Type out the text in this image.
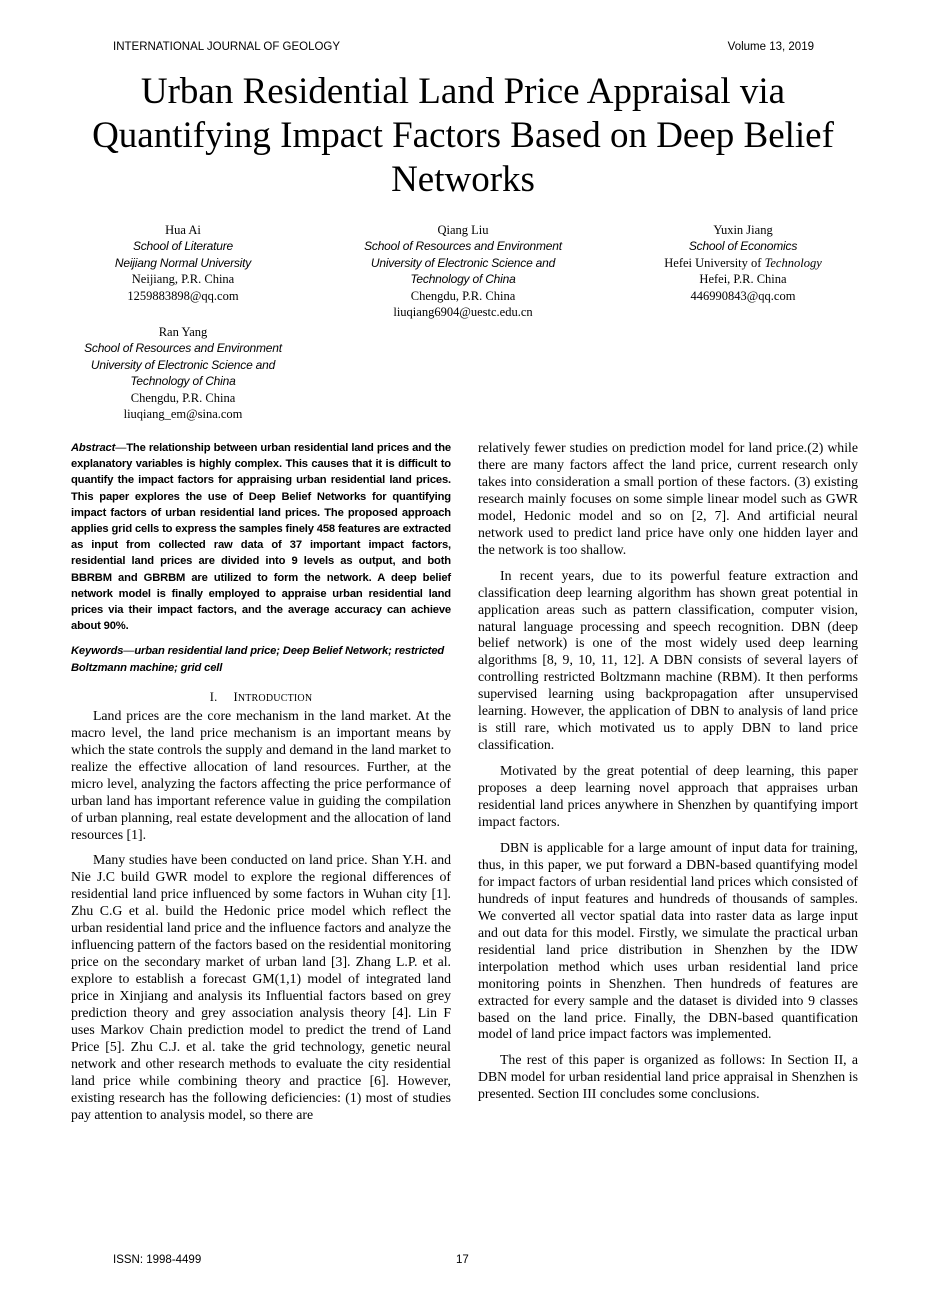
INTERNATIONAL JOURNAL OF GEOLOGY	Volume 13, 2019
Urban Residential Land Price Appraisal via
Quantifying Impact Factors Based on Deep Belief
Networks
Hua Ai
School of Literature
Neijiang Normal University
Neijiang, P.R. China
1259883898@qq.com
Qiang Liu
School of Resources and Environment
University of Electronic Science and
Technology of China
Chengdu, P.R. China
liuqiang6904@uestc.edu.cn
Yuxin Jiang
School of Economics
Hefei University of Technology
Hefei, P.R. China
446990843@qq.com
Ran Yang
School of Resources and Environment
University of Electronic Science and
Technology of China
Chengdu, P.R. China
liuqiang_em@sina.com

Abstract—The relationship between urban residential land prices and the explanatory variables is highly complex. This causes that it is difficult to quantify the impact factors for appraising urban residential land prices. This paper explores the use of Deep Belief Networks for quantifying impact factors of urban residential land prices. The proposed approach applies grid cells to express the samples finely 458 features are extracted as input from collected raw data of 37 important impact factors, residential land prices are divided into 9 levels as output, and both BBRBM and GBRBM are utilized to form the network. A deep belief network model is finally employed to appraise urban residential land prices via their impact factors, and the average accuracy can achieve about 90%.

Keywords—urban residential land price; Deep Belief Network; restricted Boltzmann machine; grid cell

I. INTRODUCTION

Land prices are the core mechanism in the land market. At the macro level, the land price mechanism is an important means by which the state controls the supply and demand in the land market to realize the effective allocation of land resources. Further, at the micro level, analyzing the factors affecting the price performance of urban land has important reference value in guiding the compilation of urban planning, real estate development and the allocation of land resources [1].

Many studies have been conducted on land price. Shan Y.H. and Nie J.C build GWR model to explore the regional differences of residential land price influenced by some factors in Wuhan city [1]. Zhu C.G et al. build the Hedonic price model which reflect the urban residential land price and the influence factors and analyze the influencing pattern of the factors based on the residential monitoring price on the secondary market of urban land [3]. Zhang L.P. et al. explore to establish a forecast GM(1,1) model of integrated land price in Xinjiang and analysis its Influential factors based on grey prediction theory and grey association analysis theory [4]. Lin F uses Markov Chain prediction model to predict the trend of Land Price [5]. Zhu C.J. et al. take the grid technology, genetic neural network and other research methods to evaluate the city residential land price while combining theory and practice [6]. However, existing research has the following deficiencies: (1) most of studies pay attention to analysis model, so there are

relatively fewer studies on prediction model for land price.(2) while there are many factors affect the land price, current research only takes into consideration a small portion of these factors. (3) existing research mainly focuses on some simple linear model such as GWR model, Hedonic model and so on [2, 7]. And artificial neural network used to predict land price have only one hidden layer and the network is too shallow.

In recent years, due to its powerful feature extraction and classification deep learning algorithm has shown great potential in application areas such as pattern classification, computer vision, natural language processing and speech recognition. DBN (deep belief network) is one of the most widely used deep learning algorithms [8, 9, 10, 11, 12]. A DBN consists of several layers of controlling restricted Boltzmann machine (RBM). It then performs supervised learning using backpropagation after unsupervised learning. However, the application of DBN to analysis of land price is still rare, which motivated us to apply DBN to land price classification.

Motivated by the great potential of deep learning, this paper proposes a deep learning novel approach that appraises urban residential land prices anywhere in Shenzhen by quantifying import impact factors.

DBN is applicable for a large amount of input data for training, thus, in this paper, we put forward a DBN-based quantifying model for impact factors of urban residential land prices which consisted of hundreds of input features and hundreds of thousands of samples. We converted all vector spatial data into raster data as large input and out data for this model. Firstly, we simulate the practical urban residential land price distribution in Shenzhen by the IDW interpolation method which uses urban residential land price monitoring points in Shenzhen. Then hundreds of features are extracted for every sample and the dataset is divided into 9 classes based on the land price. Finally, the DBN-based quantification model of land price impact factors was implemented.

The rest of this paper is organized as follows: In Section II, a DBN model for urban residential land price appraisal in Shenzhen is presented. Section III concludes some conclusions.

ISSN: 1998-4499	17
